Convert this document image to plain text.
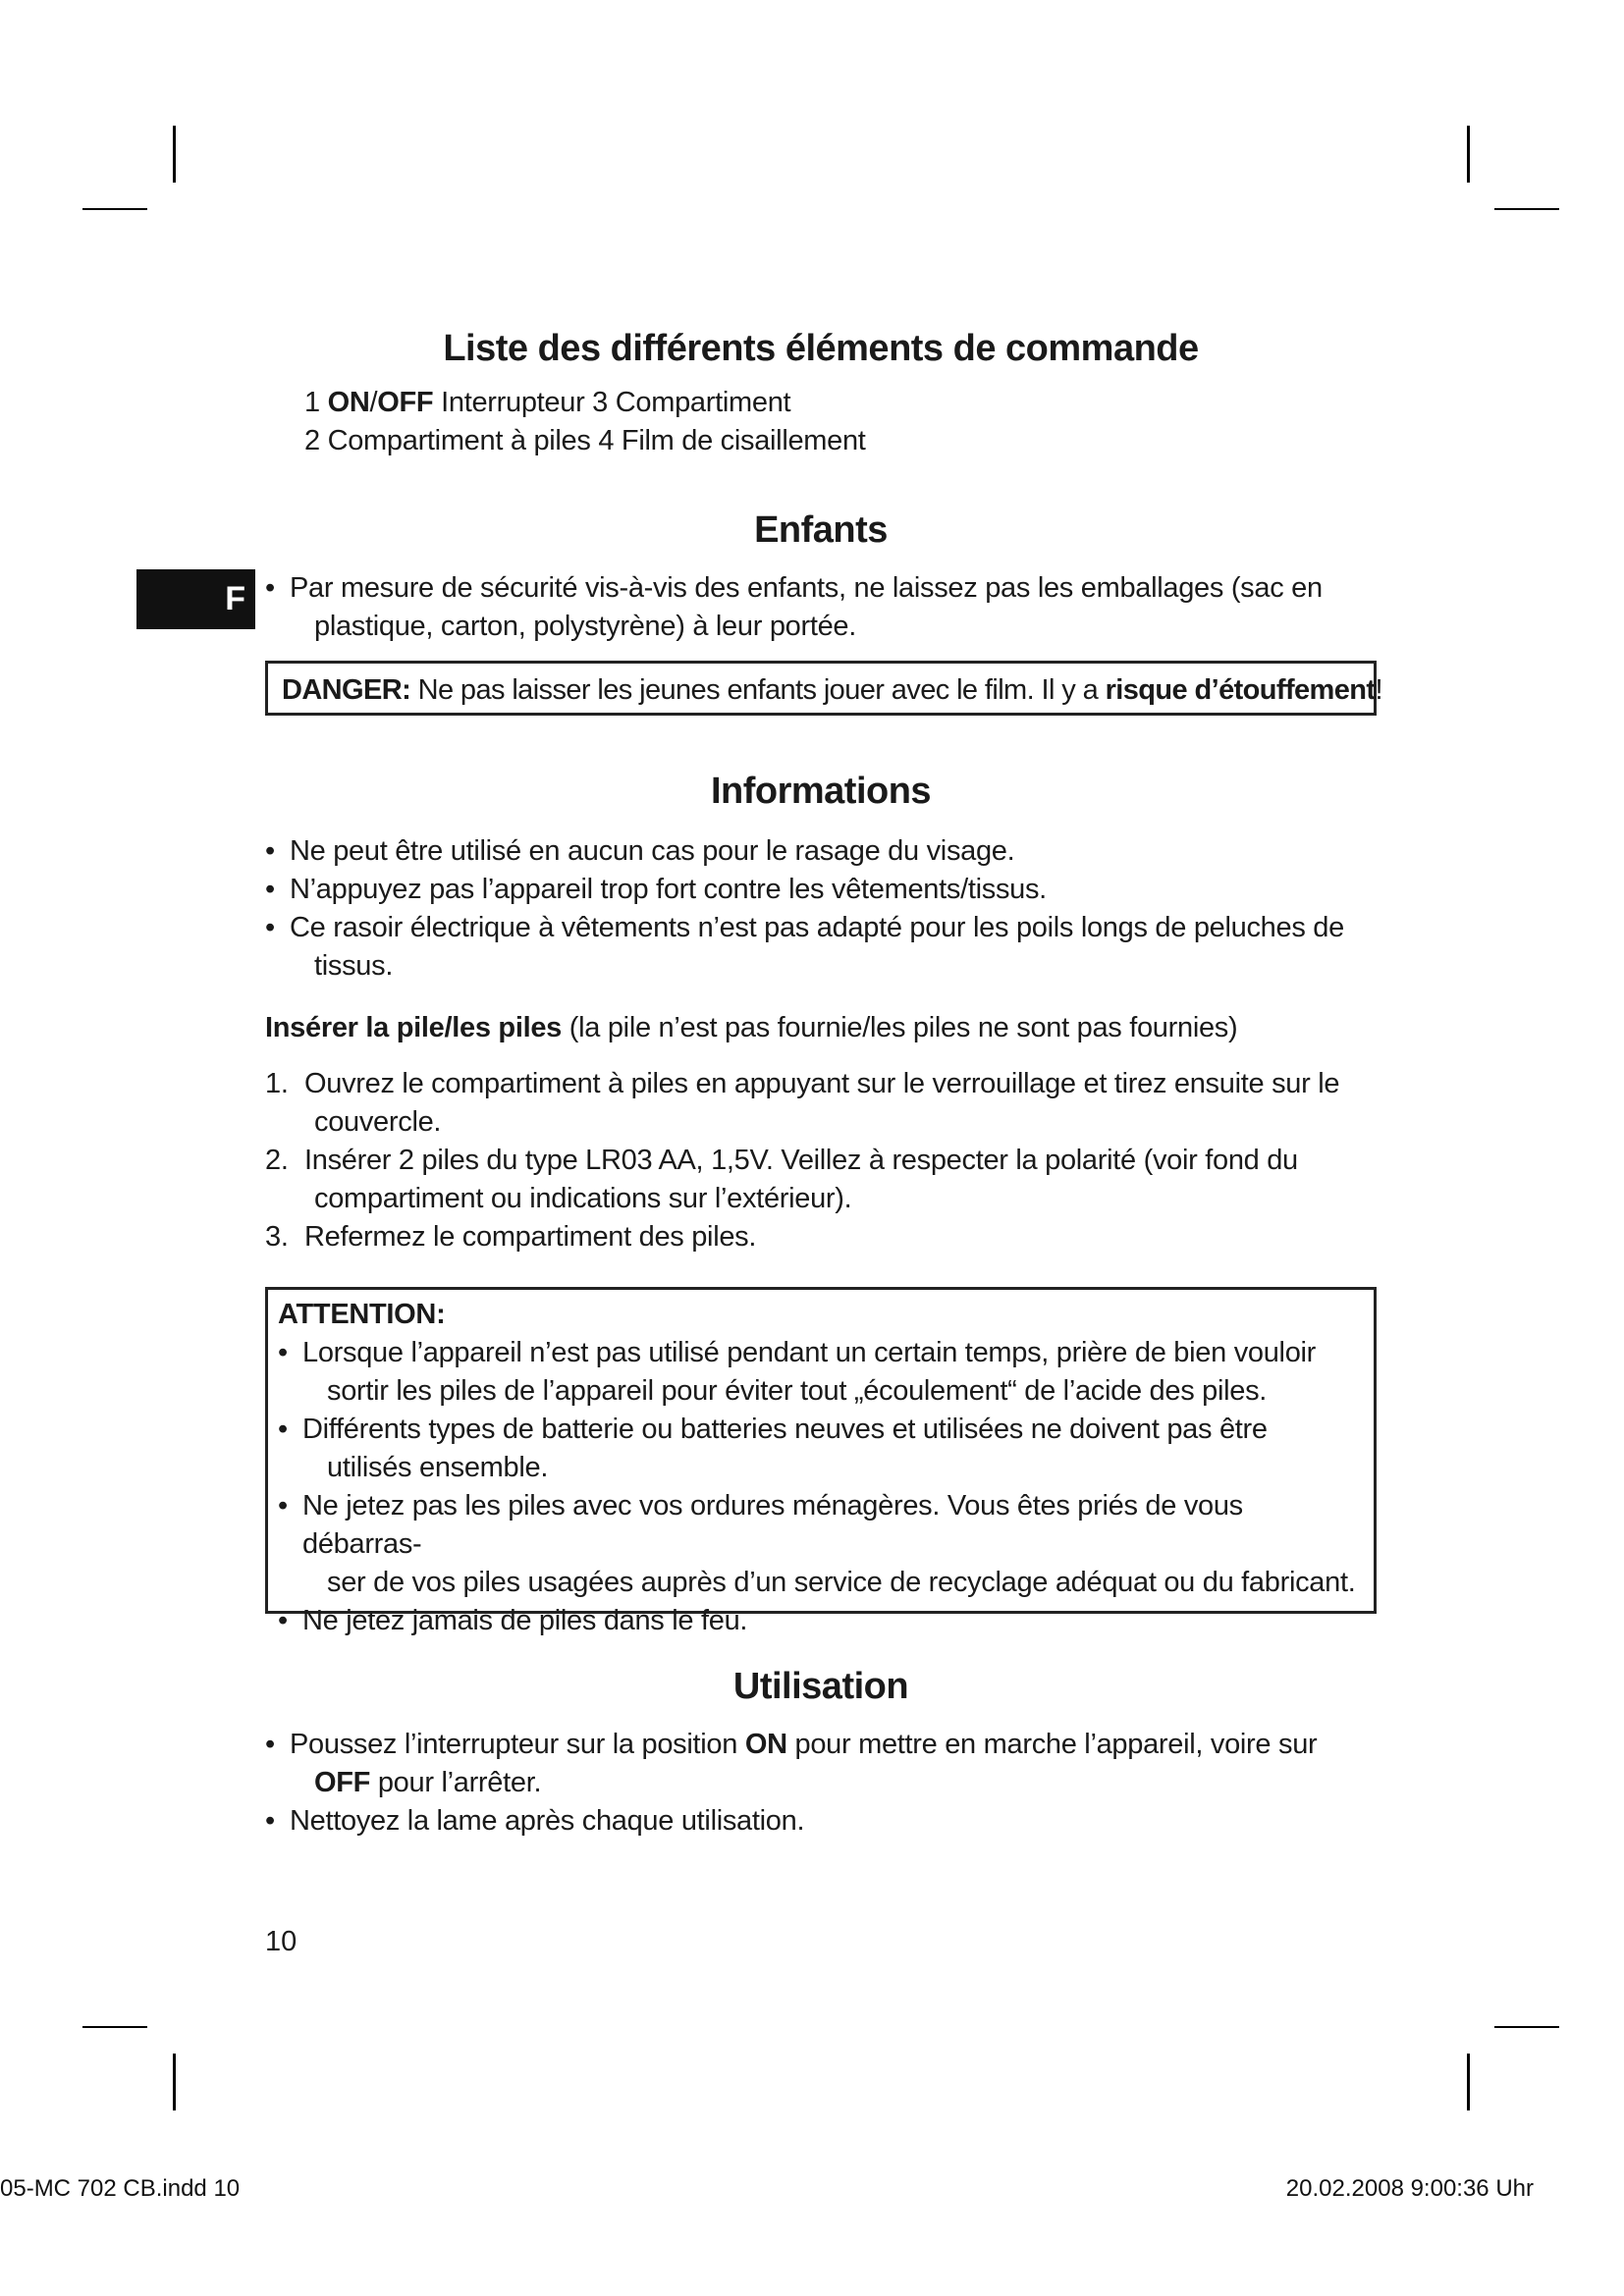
F
Liste des différents éléments de commande

1 ON/OFF Interrupteur 3 Compartiment

2 Compartiment à piles 4 Film de cisaillement

Enfants
• Par mesure de sécurité vis-à-vis des enfants, ne laissez pas les emballages (sac en
plastique, carton, polystyrène) à leur portée.

DANGER: Ne pas laisser les jeunes enfants jouer avec le film. Il y a risque d’étouffement!

Informations
• Ne peut être utilisé en aucun cas pour le rasage du visage.
• N’appuyez pas l’appareil trop fort contre les vêtements/tissus.
• Ce rasoir électrique à vêtements n’est pas adapté pour les poils longs de peluches de
tissus.

Insérer la pile/les piles (la pile n’est pas fournie/les piles ne sont pas fournies)

1. Ouvrez le compartiment à piles en appuyant sur le verrouillage et tirez ensuite sur le
couvercle.
2. Insérer 2 piles du type LR03 AA, 1,5V. Veillez à respecter la polarité (voir fond du
compartiment ou indications sur l’extérieur).
3. Refermez le compartiment des piles.

ATTENTION:

• Lorsque l’appareil n’est pas utilisé pendant un certain temps, prière de bien vouloir
sortir les piles de l’appareil pour éviter tout „écoulement“ de l’acide des piles.
• Différents types de batterie ou batteries neuves et utilisées ne doivent pas être
utilisés ensemble.
• Ne jetez pas les piles avec vos ordures ménagères. Vous êtes priés de vous débarras-
ser de vos piles usagées auprès d’un service de recyclage adéquat ou du fabricant.
• Ne jetez jamais de piles dans le feu.
Utilisation
• Poussez l’interrupteur sur la position ON pour mettre en marche l’appareil, voire sur
OFF pour l’arrêter.
• Nettoyez la lame après chaque utilisation.
10
05-MC 702 CB.indd 10	20.02.2008 9:00:36 Uhr
